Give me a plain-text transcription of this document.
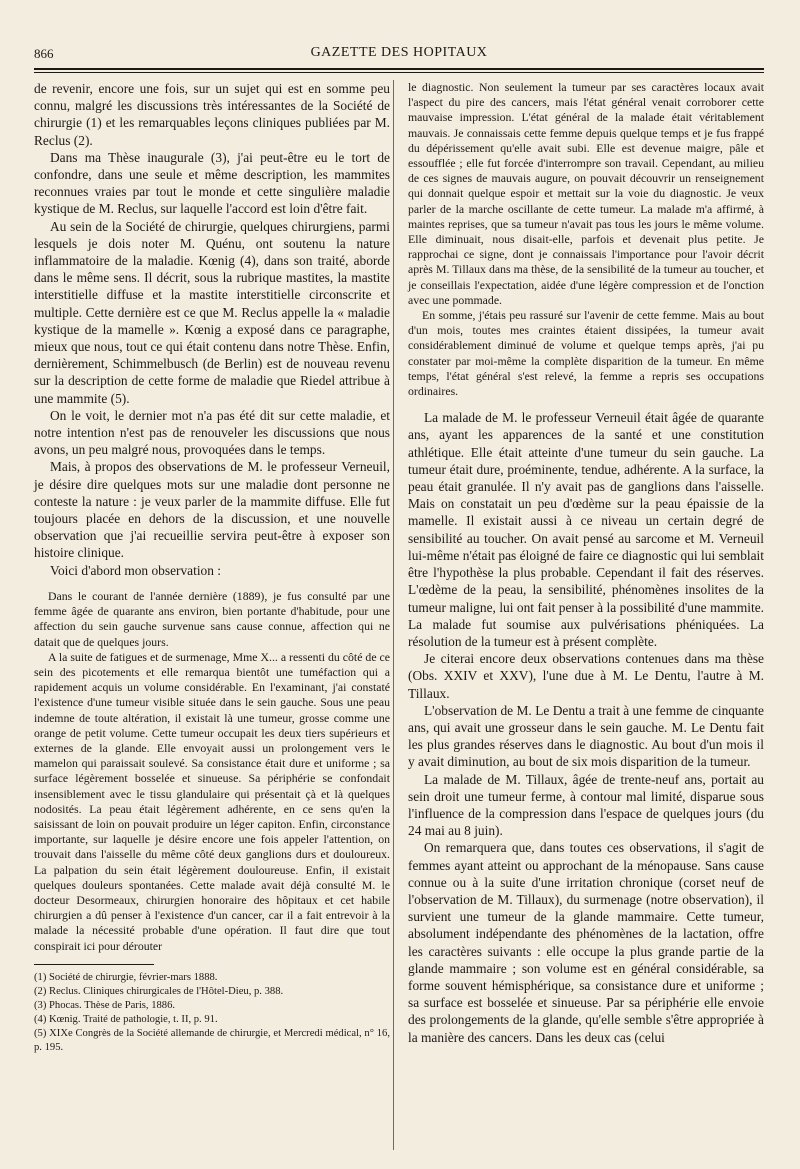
866	GAZETTE DES HOPITAUX

de revenir, encore une fois, sur un sujet qui est en somme peu connu, malgré les discussions très intéressantes de la Société de chirurgie (1) et les remarquables leçons cliniques publiées par M. Reclus (2).

Dans ma Thèse inaugurale (3), j'ai peut-être eu le tort de confondre, dans une seule et même description, les mammites reconnues vraies par tout le monde et cette singulière maladie kystique de M. Reclus, sur laquelle l'accord est loin d'être fait.

Au sein de la Société de chirurgie, quelques chirurgiens, parmi lesquels je dois noter M. Quénu, ont soutenu la nature inflammatoire de la maladie. Kœnig (4), dans son traité, aborde dans le même sens. Il décrit, sous la rubrique mastites, la mastite interstitielle diffuse et la mastite interstitielle circonscrite et multiple. Cette dernière est ce que M. Reclus appelle la « maladie kystique de la mamelle ». Kœnig a exposé dans ce paragraphe, mieux que nous, tout ce qui était contenu dans notre Thèse. Enfin, dernièrement, Schimmelbusch (de Berlin) est de nouveau revenu sur la description de cette forme de maladie que Riedel attribue à une mammite (5).

On le voit, le dernier mot n'a pas été dit sur cette maladie, et notre intention n'est pas de renouveler les discussions que nous avons, un peu malgré nous, provoquées dans le temps.

Mais, à propos des observations de M. le professeur Verneuil, je désire dire quelques mots sur une maladie dont personne ne conteste la nature : je veux parler de la mammite diffuse. Elle fut toujours placée en dehors de la discussion, et une nouvelle observation que j'ai recueillie servira peut-être à exposer son histoire clinique.

Voici d'abord mon observation :

Dans le courant de l'année dernière (1889), je fus consulté par une femme âgée de quarante ans environ, bien portante d'habitude, pour une affection du sein gauche survenue sans cause connue, affection qui ne datait que de quelques jours.

A la suite de fatigues et de surmenage, Mme X... a ressenti du côté de ce sein des picotements et elle remarqua bientôt une tuméfaction qui a rapidement acquis un volume considérable. En l'examinant, j'ai constaté l'existence d'une tumeur visible située dans le sein gauche. Sous une peau indemne de toute altération, il existait là une tumeur, grosse comme une orange de petit volume. Cette tumeur occupait les deux tiers supérieurs et externes de la glande. Elle envoyait aussi un prolongement vers le mamelon qui paraissait soulevé. Sa consistance était dure et uniforme ; sa surface légèrement bosselée et sinueuse. Sa périphérie se confondait insensiblement avec le tissu glandulaire qui présentait çà et là quelques nodosités. La peau était légèrement adhérente, en ce sens qu'en la saisissant de loin on pouvait produire un léger capiton. Enfin, circonstance importante, sur laquelle je désire encore une fois appeler l'attention, on trouvait dans l'aisselle du même côté deux ganglions durs et douloureux. La palpation du sein était légèrement douloureuse. Enfin, il existait quelques douleurs spontanées. Cette malade avait déjà consulté M. le docteur Desormeaux, chirurgien honoraire des hôpitaux et cet habile chirurgien a dû penser à l'existence d'un cancer, car il a fait entrevoir à la malade la nécessité probable d'une opération. Il faut dire que tout conspirait ici pour dérouter

(1) Société de chirurgie, février-mars 1888.

(2) Reclus. Cliniques chirurgicales de l'Hôtel-Dieu, p. 388.

(3) Phocas. Thèse de Paris, 1886.

(4) Kœnig. Traité de pathologie, t. II, p. 91.

(5) XIXe Congrès de la Société allemande de chirurgie, et Mercredi médical, n° 16, p. 195.

le diagnostic. Non seulement la tumeur par ses caractères locaux avait l'aspect du pire des cancers, mais l'état général venait corroborer cette mauvaise impression. L'état général de la malade était véritablement mauvais. Je connaissais cette femme depuis quelque temps et je fus frappé du dépérissement qu'elle avait subi. Elle est devenue maigre, pâle et essoufflée ; elle fut forcée d'interrompre son travail. Cependant, au milieu de ces signes de mauvais augure, on pouvait découvrir un renseignement qui donnait quelque espoir et mettait sur la voie du diagnostic. Je veux parler de la marche oscillante de cette tumeur. La malade m'a affirmé, à maintes reprises, que sa tumeur n'avait pas tous les jours le même volume. Elle diminuait, nous disait-elle, parfois et devenait plus petite. Je rapprochai ce signe, dont je connaissais l'importance pour l'avoir décrit après M. Tillaux dans ma thèse, de la sensibilité de la tumeur au toucher, et je conseillais l'expectation, aidée d'une légère compression et de l'onction avec une pommade.

En somme, j'étais peu rassuré sur l'avenir de cette femme. Mais au bout d'un mois, toutes mes craintes étaient dissipées, la tumeur avait considérablement diminué de volume et quelque temps après, j'ai pu constater par moi-même la complète disparition de la tumeur. En même temps, l'état général s'est relevé, la femme a repris ses occupations ordinaires.

La malade de M. le professeur Verneuil était âgée de quarante ans, ayant les apparences de la santé et une constitution athlétique. Elle était atteinte d'une tumeur du sein gauche. La tumeur était dure, proéminente, tendue, adhérente. A la surface, la peau était granulée. Il n'y avait pas de ganglions dans l'aisselle. Mais on constatait un peu d'œdème sur la peau épaissie de la mamelle. Il existait aussi à ce niveau un certain degré de sensibilité au toucher. On avait pensé au sarcome et M. Verneuil lui-même n'était pas éloigné de faire ce diagnostic qui lui semblait être l'hypothèse la plus probable. Cependant il fait des réserves. L'œdème de la peau, la sensibilité, phénomènes insolites de la tumeur maligne, lui ont fait penser à la possibilité d'une mammite. La malade fut soumise aux pulvérisations phéniquées. La résolution de la tumeur est à présent complète.

Je citerai encore deux observations contenues dans ma thèse (Obs. XXIV et XXV), l'une due à M. Le Dentu, l'autre à M. Tillaux.

L'observation de M. Le Dentu a trait à une femme de cinquante ans, qui avait une grosseur dans le sein gauche. M. Le Dentu fait les plus grandes réserves dans le diagnostic. Au bout d'un mois il y avait diminution, au bout de six mois disparition de la tumeur.

La malade de M. Tillaux, âgée de trente-neuf ans, portait au sein droit une tumeur ferme, à contour mal limité, disparue sous l'influence de la compression dans l'espace de quelques jours (du 24 mai au 8 juin).

On remarquera que, dans toutes ces observations, il s'agit de femmes ayant atteint ou approchant de la ménopause. Sans cause connue ou à la suite d'une irritation chronique (corset neuf de l'observation de M. Tillaux), du surmenage (notre observation), il survient une tumeur de la glande mammaire. Cette tumeur, absolument indépendante des phénomènes de la lactation, offre les caractères suivants : elle occupe la plus grande partie de la glande mammaire ; son volume est en général considérable, sa forme souvent hémisphérique, sa consistance dure et uniforme ; sa surface est bosselée et sinueuse. Par sa périphérie elle envoie des prolongements de la glande, qu'elle semble s'être appropriée à la manière des cancers. Dans les deux cas (celui
